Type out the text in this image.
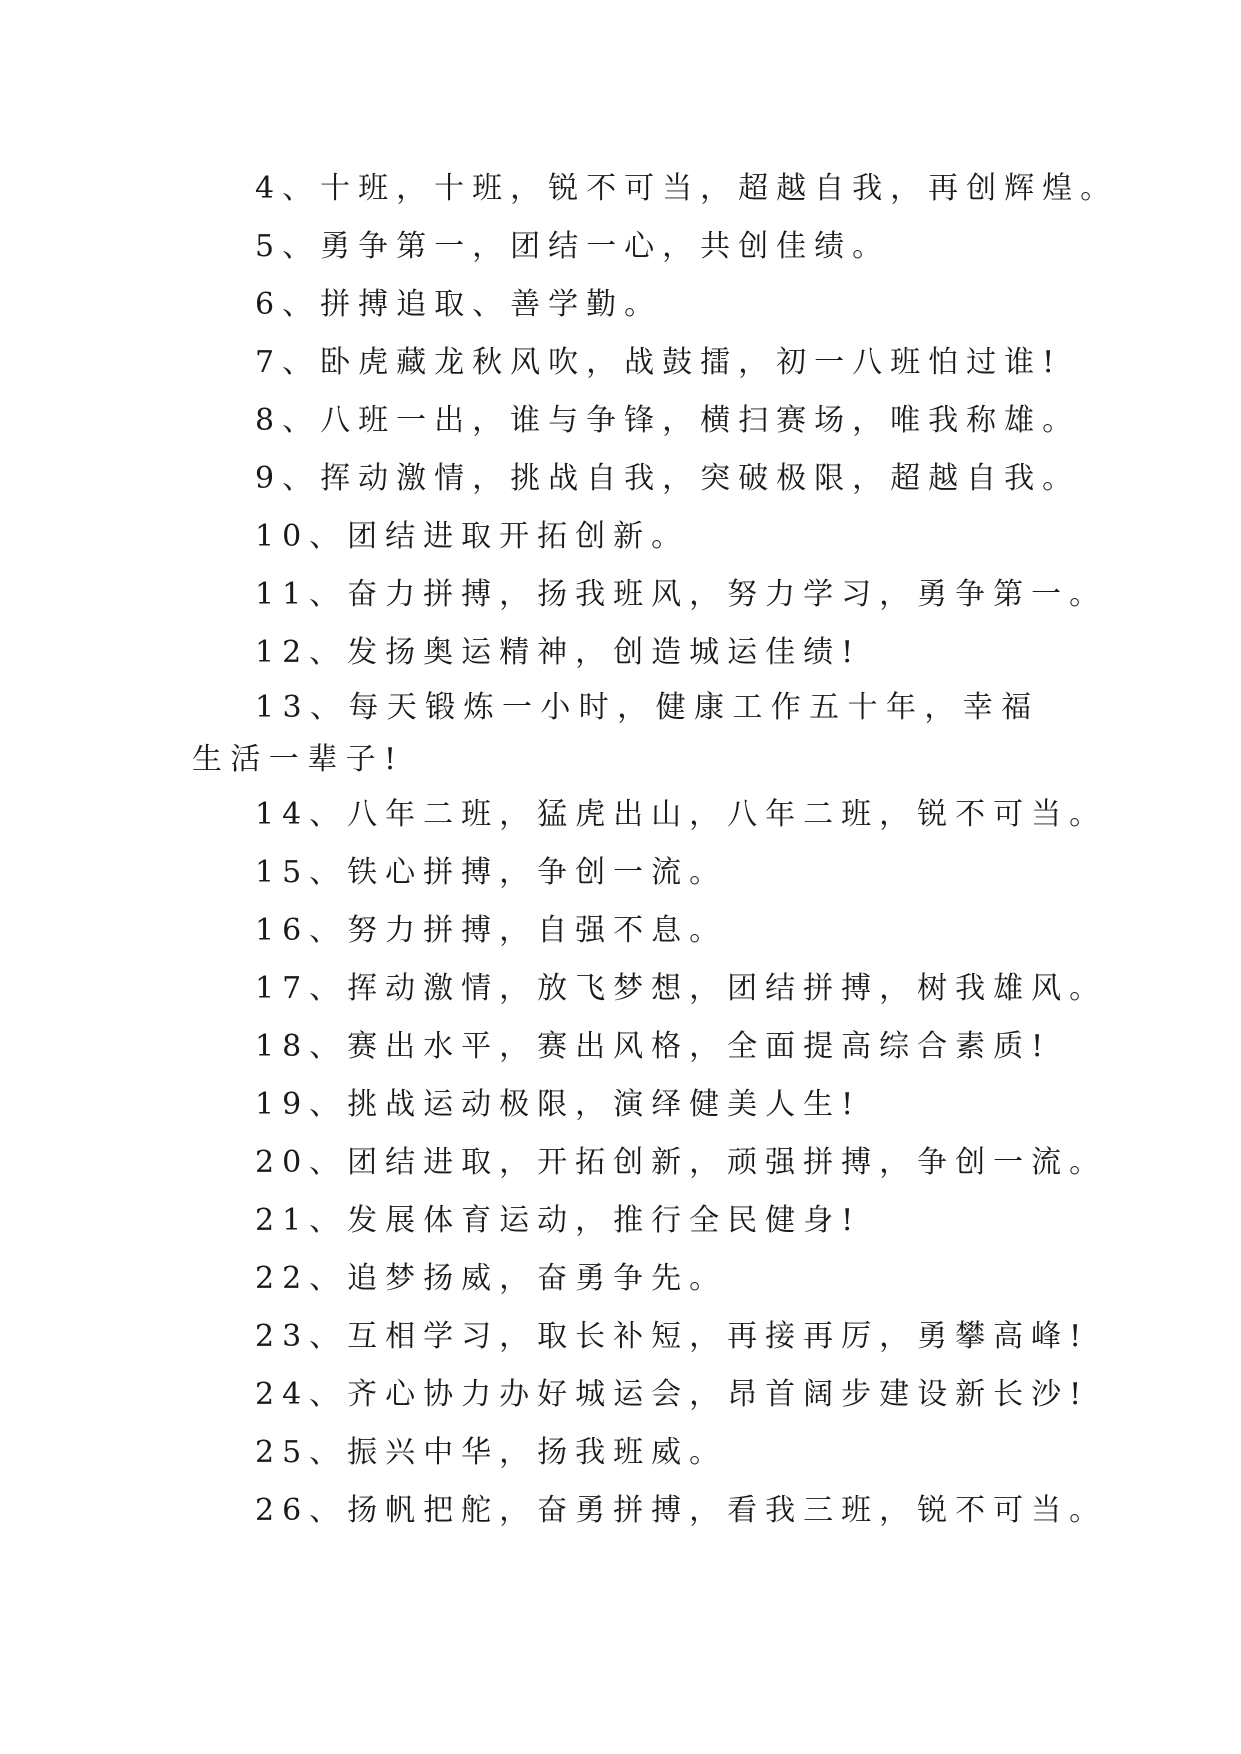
4、十班，十班，锐不可当，超越自我，再创辉煌。
5、勇争第一，团结一心，共创佳绩。
6、拼搏追取、善学勤。
7、卧虎藏龙秋风吹，战鼓擂，初一八班怕过谁!
8、八班一出，谁与争锋，横扫赛场，唯我称雄。
9、挥动激情，挑战自我，突破极限，超越自我。
10、团结进取开拓创新。
11、奋力拼搏，扬我班风，努力学习，勇争第一。
12、发扬奥运精神，创造城运佳绩!
13、每天锻炼一小时，健康工作五十年，幸福生活一辈子!
14、八年二班，猛虎出山，八年二班，锐不可当。
15、铁心拼搏，争创一流。
16、努力拼搏，自强不息。
17、挥动激情，放飞梦想，团结拼搏，树我雄风。
18、赛出水平，赛出风格，全面提高综合素质!
19、挑战运动极限，演绎健美人生!
20、团结进取，开拓创新，顽强拼搏，争创一流。
21、发展体育运动，推行全民健身!
22、追梦扬威，奋勇争先。
23、互相学习，取长补短，再接再厉，勇攀高峰!
24、齐心协力办好城运会，昂首阔步建设新长沙!
25、振兴中华，扬我班威。
26、扬帆把舵，奋勇拼搏，看我三班，锐不可当。
